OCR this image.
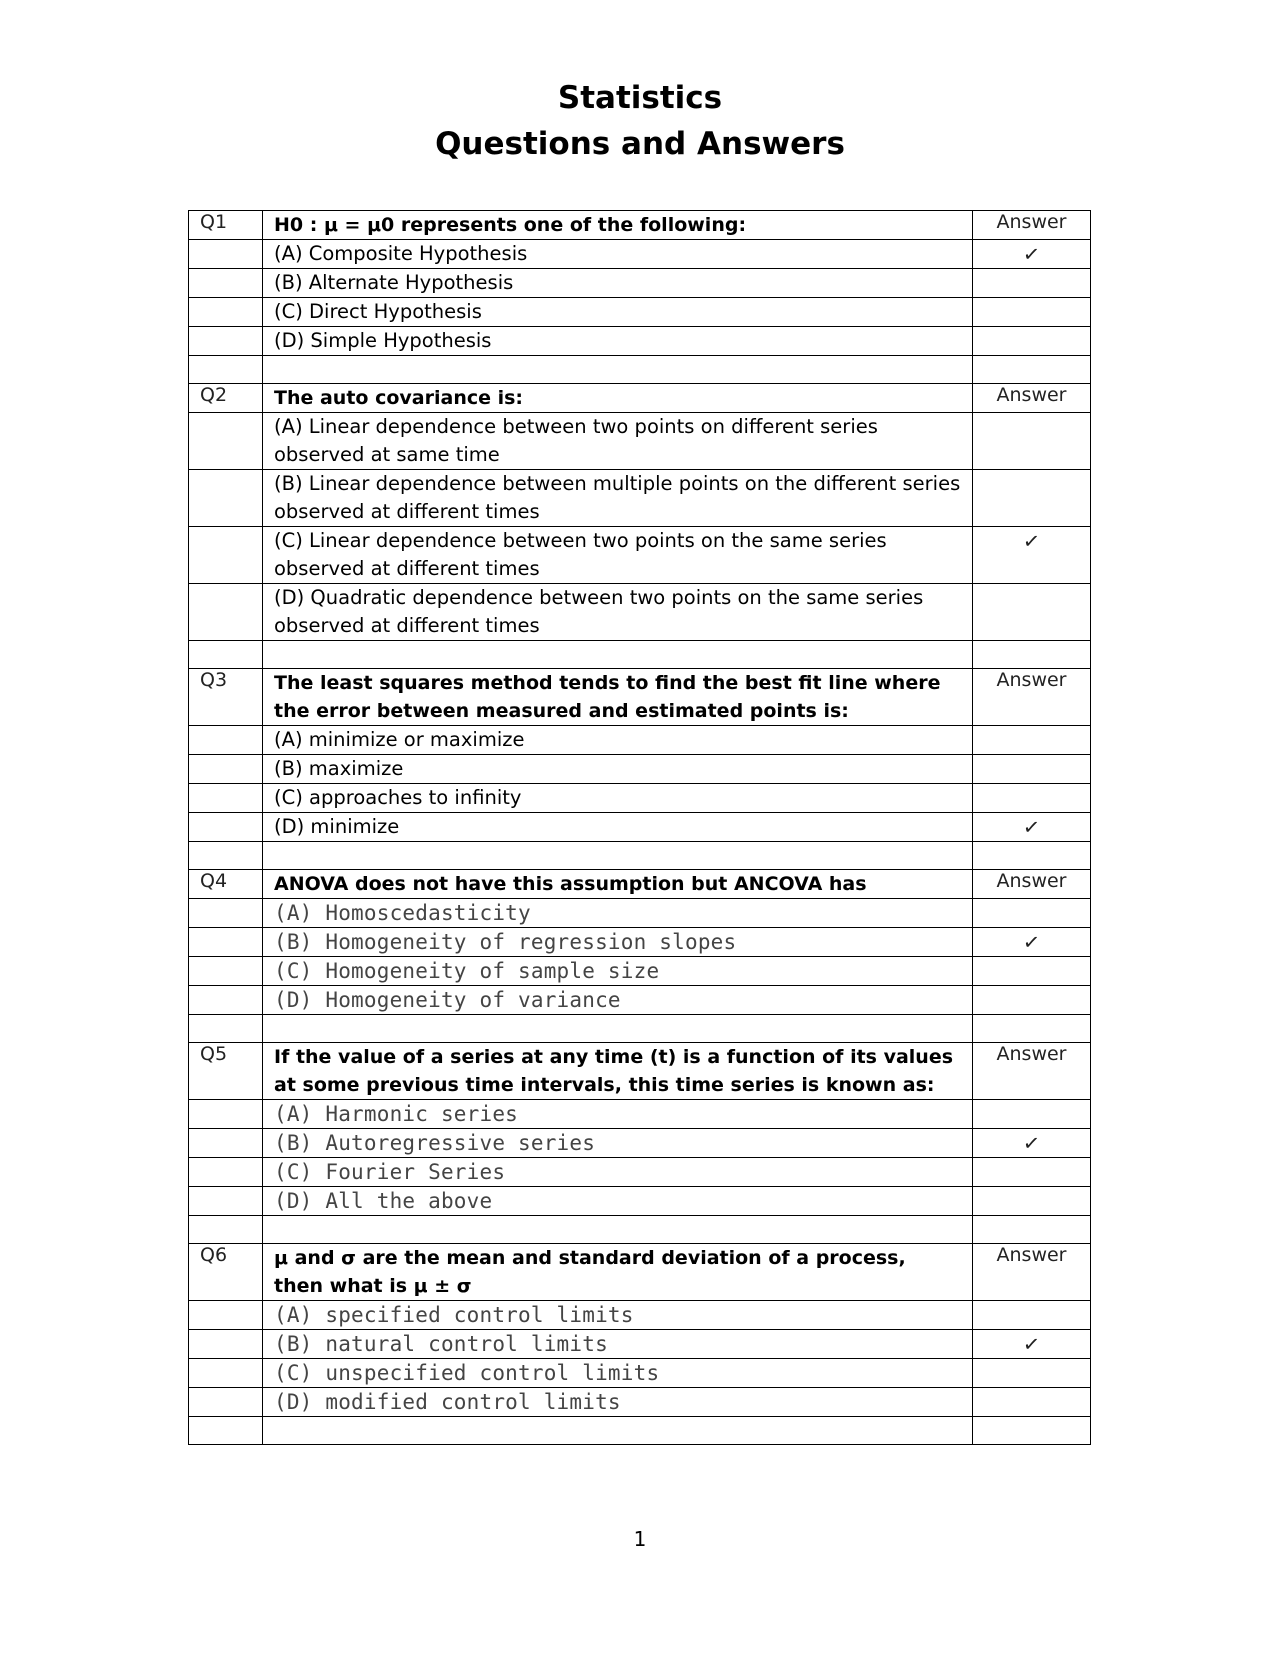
Statistics
Questions and Answers
Q1	H0 : μ = μ0 represents one of the following:	Answer
	(A) Composite Hypothesis	✓
	(B) Alternate Hypothesis	
	(C) Direct Hypothesis	
	(D) Simple Hypothesis	

Q2	The auto covariance is:	Answer
	(A) Linear dependence between two points on different series observed at same time	
	(B) Linear dependence between multiple points on the different series observed at different times	
	(C) Linear dependence between two points on the same series observed at different times	✓
	(D) Quadratic dependence between two points on the same series observed at different times	

Q3	The least squares method tends to find the best fit line where the error between measured and estimated points is:	Answer
	(A) minimize or maximize	
	(B) maximize	
	(C) approaches to infinity	
	(D) minimize	✓

Q4	ANOVA does not have this assumption but ANCOVA has	Answer
	(A) Homoscedasticity	
	(B) Homogeneity of regression slopes	✓
	(C) Homogeneity of sample size	
	(D) Homogeneity of variance	

Q5	If the value of a series at any time (t) is a function of its values at some previous time intervals, this time series is known as:	Answer
	(A) Harmonic series	
	(B) Autoregressive series	✓
	(C) Fourier Series	
	(D) All the above	

Q6	μ and σ are the mean and standard deviation of a process, then what is μ ± σ	Answer
	(A) specified control limits	
	(B) natural control limits	✓
	(C) unspecified control limits	
	(D) modified control limits	

1
